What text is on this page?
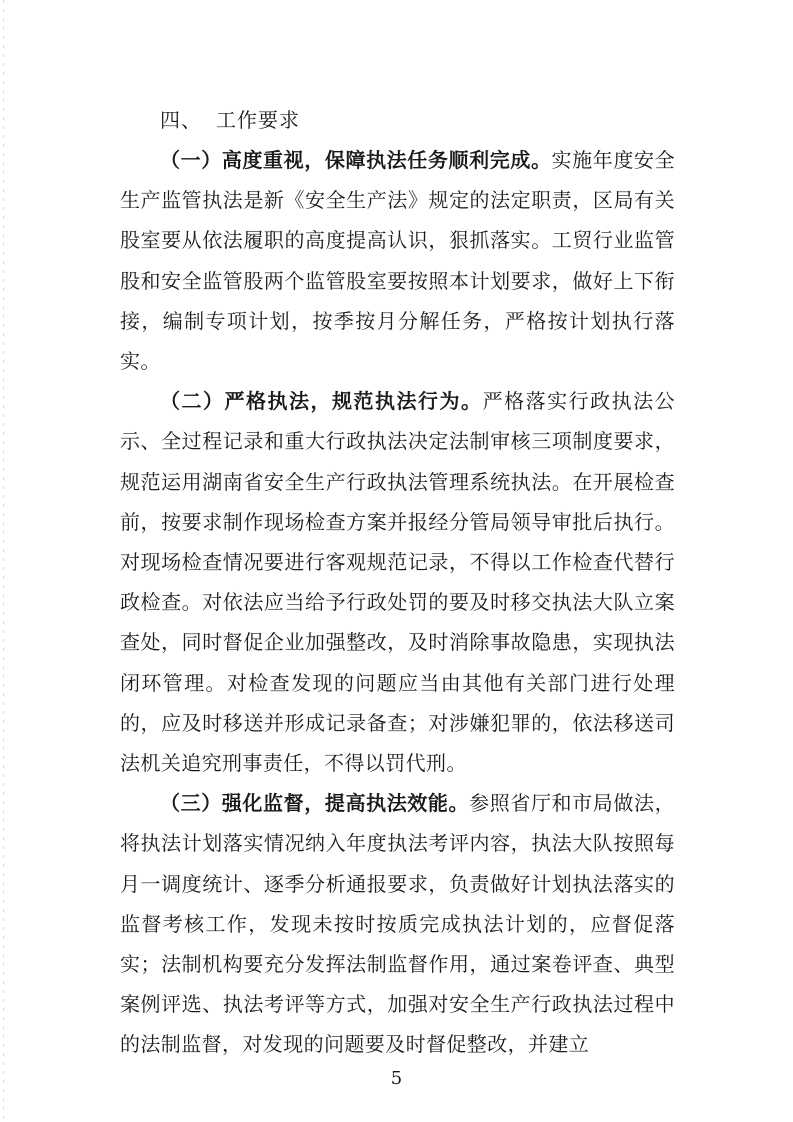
四、 工作要求

（一）高度重视，保障执法任务顺利完成。实施年度安全生产监管执法是新《安全生产法》规定的法定职责，区局有关股室要从依法履职的高度提高认识，狠抓落实。工贸行业监管股和安全监管股两个监管股室要按照本计划要求，做好上下衔接，编制专项计划，按季按月分解任务，严格按计划执行落实。

（二）严格执法，规范执法行为。严格落实行政执法公示、全过程记录和重大行政执法决定法制审核三项制度要求，规范运用湖南省安全生产行政执法管理系统执法。在开展检查前，按要求制作现场检查方案并报经分管局领导审批后执行。对现场检查情况要进行客观规范记录，不得以工作检查代替行政检查。对依法应当给予行政处罚的要及时移交执法大队立案查处，同时督促企业加强整改，及时消除事故隐患，实现执法闭环管理。对检查发现的问题应当由其他有关部门进行处理的，应及时移送并形成记录备查；对涉嫌犯罪的，依法移送司法机关追究刑事责任，不得以罚代刑。

（三）强化监督，提高执法效能。参照省厅和市局做法，将执法计划落实情况纳入年度执法考评内容，执法大队按照每月一调度统计、逐季分析通报要求，负责做好计划执法落实的监督考核工作，发现未按时按质完成执法计划的，应督促落实；法制机构要充分发挥法制监督作用，通过案卷评查、典型案例评选、执法考评等方式，加强对安全生产行政执法过程中的法制监督，对发现的问题要及时督促整改，并建立

5
